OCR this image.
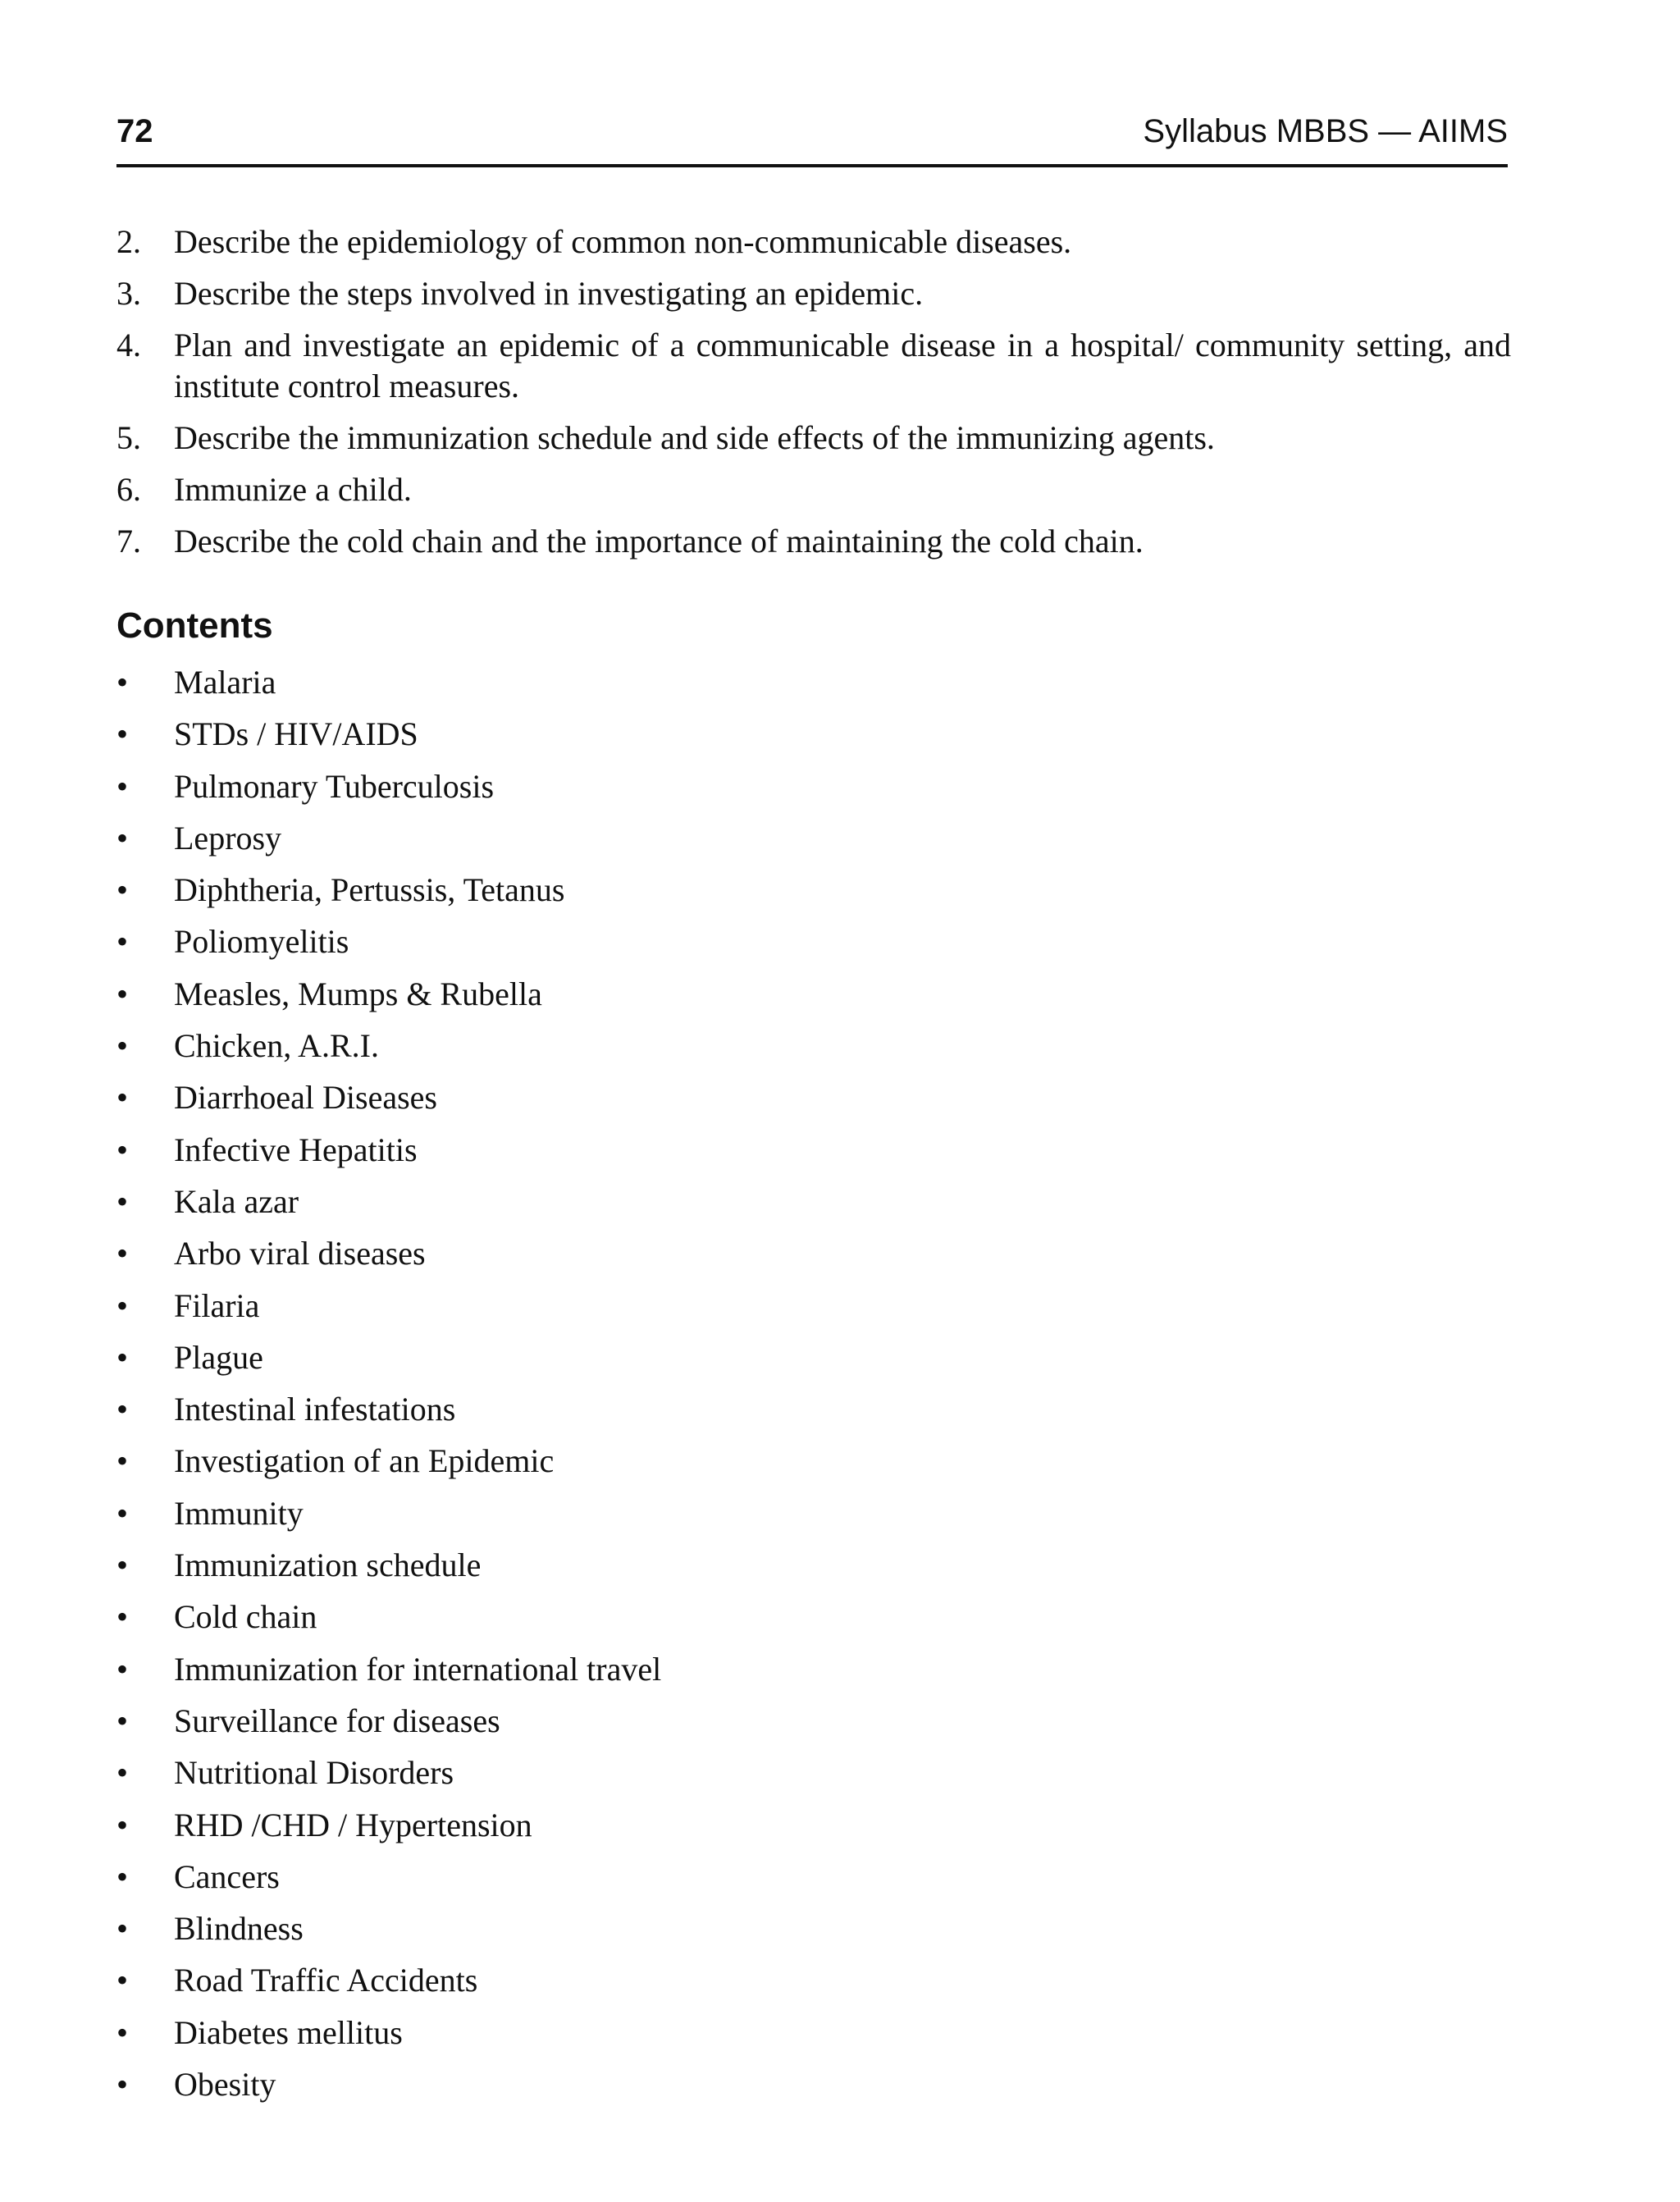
72	Syllabus MBBS — AIIMS
2. Describe the epidemiology of common non-communicable diseases.
3. Describe the steps involved in investigating an epidemic.
4. Plan and investigate an epidemic of a communicable disease in a hospital/ community setting, and institute control measures.
5. Describe the immunization schedule and side effects of the immunizing agents.
6. Immunize a child.
7. Describe the cold chain and the importance of maintaining the cold chain.
Contents
• Malaria
• STDs / HIV/AIDS
• Pulmonary Tuberculosis
• Leprosy
• Diphtheria, Pertussis, Tetanus
• Poliomyelitis
• Measles, Mumps & Rubella
• Chicken, A.R.I.
• Diarrhoeal Diseases
• Infective Hepatitis
• Kala azar
• Arbo viral diseases
• Filaria
• Plague
• Intestinal infestations
• Investigation of an Epidemic
• Immunity
• Immunization schedule
• Cold chain
• Immunization for international travel
• Surveillance for diseases
• Nutritional Disorders
• RHD /CHD / Hypertension
• Cancers
• Blindness
• Road Traffic Accidents
• Diabetes mellitus
• Obesity
